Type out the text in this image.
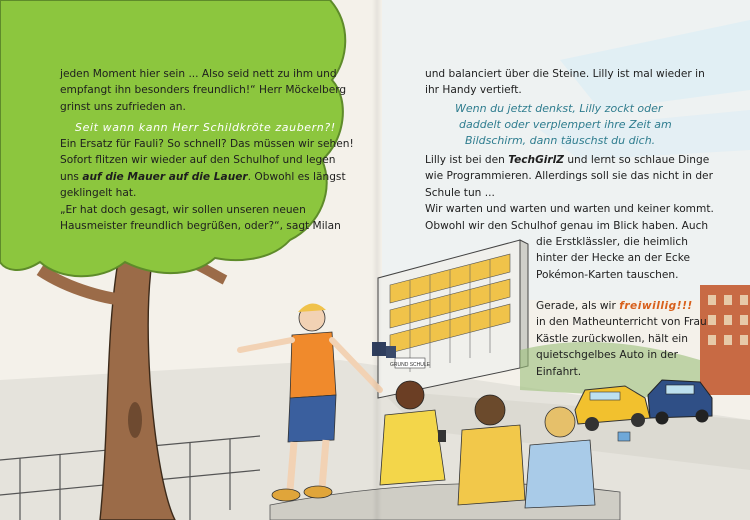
GRUND SCHULE
jeden Moment hier sein ... Also seid nett zu ihm und
empfangt ihn besonders freundlich!“ Herr Möckelberg
grinst uns zufrieden an.
Seit wann kann Herr Schildkröte zaubern?!
Ein Ersatz für Fauli? So schnell? Das müssen wir sehen!
Sofort flitzen wir wieder auf den Schulhof und legen
uns auf die Mauer auf die Lauer. Obwohl es längst
geklingelt hat.
„Er hat doch gesagt, wir sollen unseren neuen
Hausmeister freundlich begrüßen, oder?“, sagt Milan
und balanciert über die Steine. Lilly ist mal wieder in
ihr Handy vertieft.
Wenn du jetzt denkst, Lilly zockt oder
daddelt oder verplempert ihre Zeit am
Bildschirm, dann täuschst du dich.
Lilly ist bei den TechGirlZ und lernt so schlaue Dinge
wie Programmieren. Allerdings soll sie das nicht in der
Schule tun ...
Wir warten und warten und warten und keiner kommt.
Obwohl wir den Schulhof genau im Blick haben. Auch
die Erstklässler, die heimlich
hinter der Hecke an der Ecke
Pokémon-Karten tauschen.
Gerade, als wir freiwillig!!!
in den Matheunterricht von Frau
Kästle zurückwollen, hält ein
quietschgelbes Auto in der
Einfahrt.
